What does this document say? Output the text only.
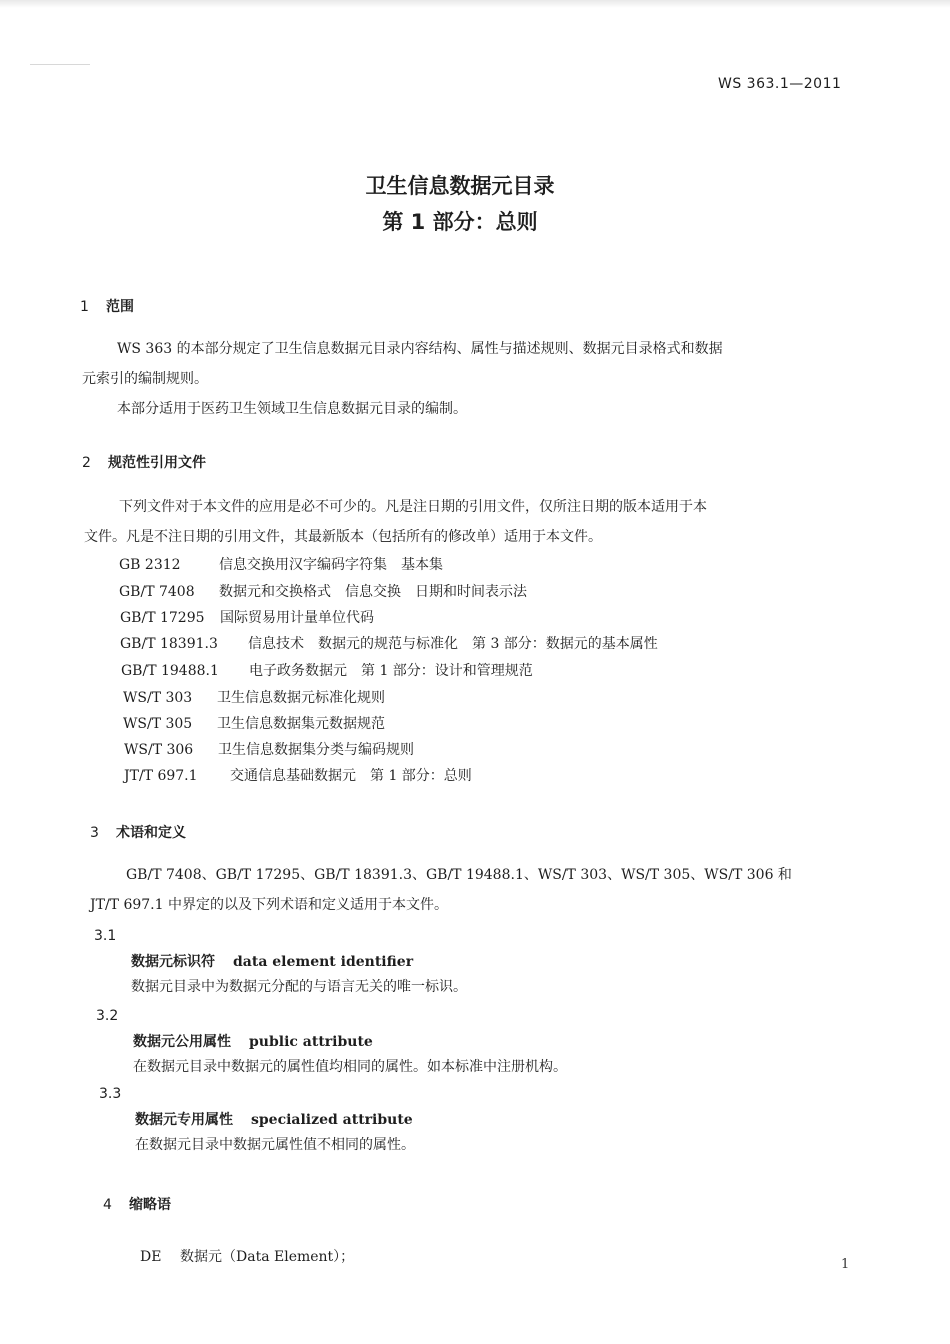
WS 363.1—2011
卫生信息数据元目录
第 1 部分：总则
1 范围
WS 363 的本部分规定了卫生信息数据元目录内容结构、属性与描述规则、数据元目录格式和数据
元索引的编制规则。
本部分适用于医药卫生领域卫生信息数据元目录的编制。
2 规范性引用文件
下列文件对于本文件的应用是必不可少的。凡是注日期的引用文件，仅所注日期的版本适用于本
文件。凡是不注日期的引用文件，其最新版本（包括所有的修改单）适用于本文件。
GB 2312	信息交换用汉字编码字符集　基本集
GB/T 7408 数据元和交换格式　信息交换　日期和时间表示法
GB/T 17295 国际贸易用计量单位代码
GB/T 18391.3 信息技术　数据元的规范与标准化　第 3 部分：数据元的基本属性
GB/T 19488.1 电子政务数据元　第 1 部分：设计和管理规范
WS/T 303 卫生信息数据元标准化规则
WS/T 305 卫生信息数据集元数据规范
WS/T 306 卫生信息数据集分类与编码规则
JT/T 697.1 交通信息基础数据元　第 1 部分：总则
3 术语和定义
GB/T 7408、GB/T 17295、GB/T 18391.3、GB/T 19488.1、WS/T 303、WS/T 305、WS/T 306 和
JT/T 697.1 中界定的以及下列术语和定义适用于本文件。
3.1
数据元标识符 data element identifier
数据元目录中为数据元分配的与语言无关的唯一标识。
3.2
数据元公用属性 public attribute
在数据元目录中数据元的属性值均相同的属性。如本标准中注册机构。
3.3
数据元专用属性 specialized attribute
在数据元目录中数据元属性值不相同的属性。
4 缩略语
DE 数据元（Data Element）；	1
